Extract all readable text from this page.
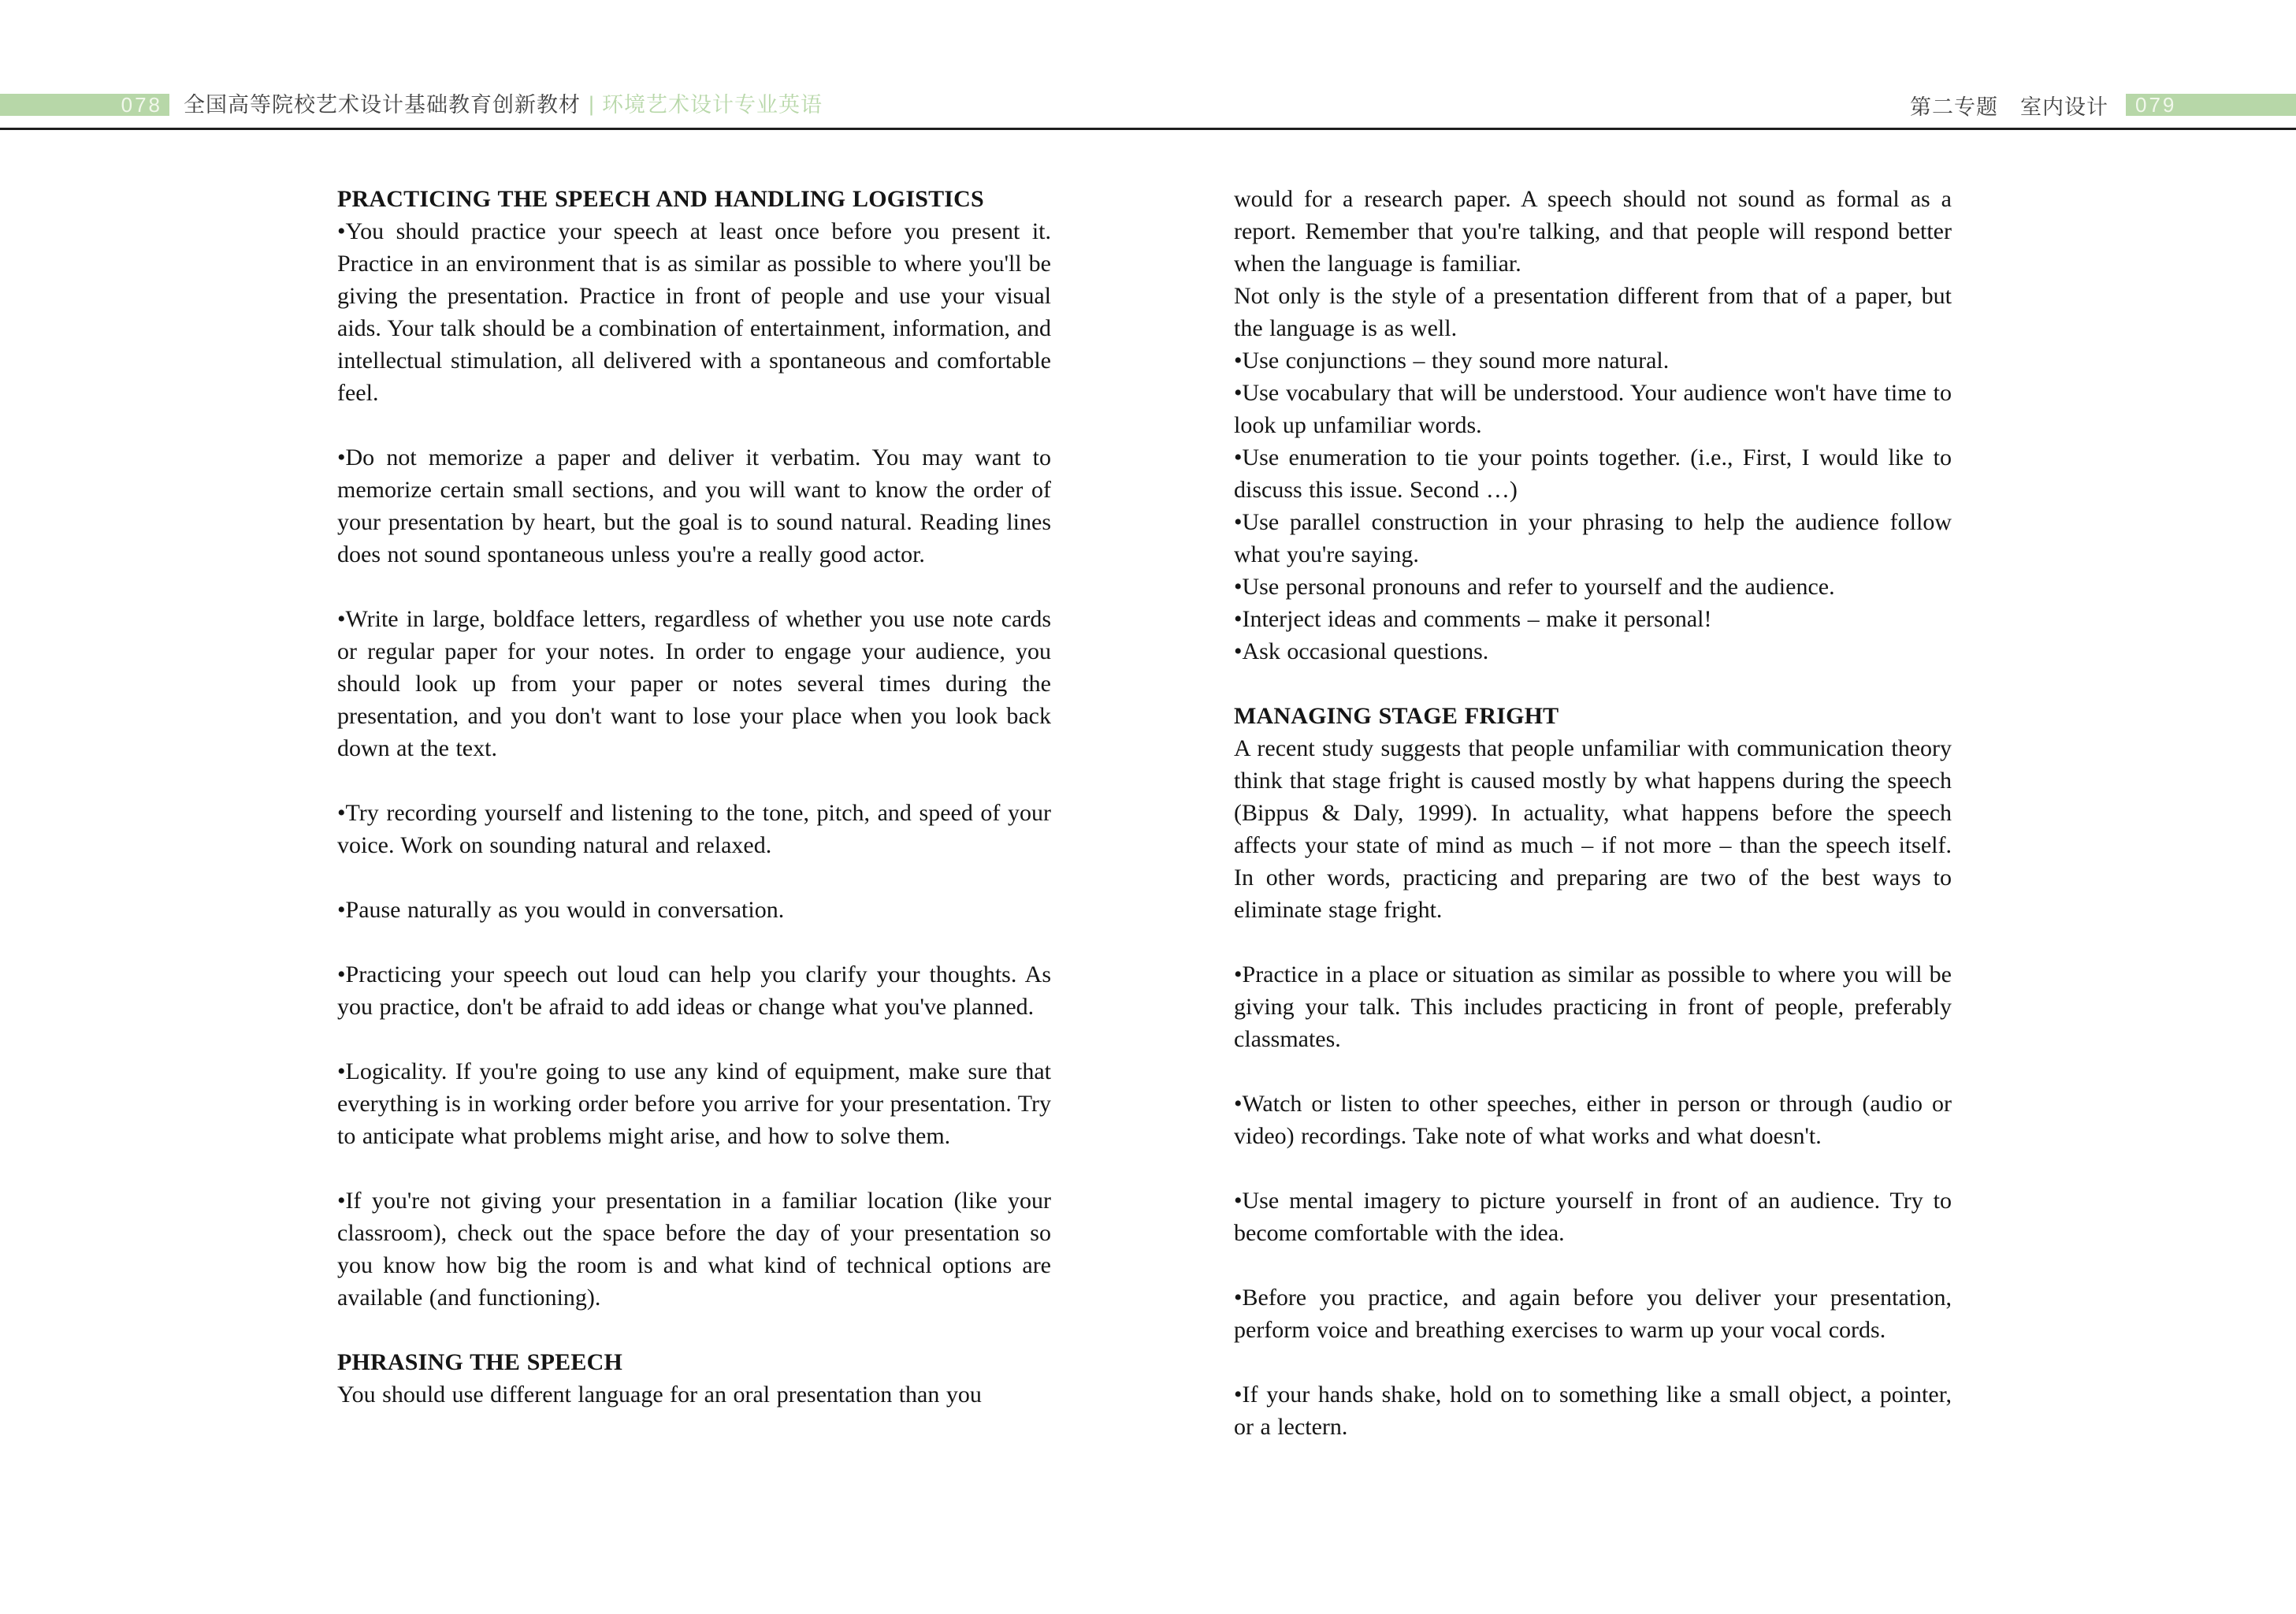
078 全国高等院校艺术设计基础教育创新教材 | 环境艺术设计专业英语	第二专题　室内设计 079
PRACTICING THE SPEECH AND HANDLING LOGISTICS
•You should practice your speech at least once before you present it. Practice in an environment that is as similar as possible to where you'll be giving the presentation. Practice in front of people and use your visual aids. Your talk should be a combination of entertainment, information, and intellectual stimulation, all delivered with a spontaneous and comfortable feel.
•Do not memorize a paper and deliver it verbatim. You may want to memorize certain small sections, and you will want to know the order of your presentation by heart, but the goal is to sound natural. Reading lines does not sound spontaneous unless you're a really good actor.
•Write in large, boldface letters, regardless of whether you use note cards or regular paper for your notes. In order to engage your audience, you should look up from your paper or notes several times during the presentation, and you don't want to lose your place when you look back down at the text.
•Try recording yourself and listening to the tone, pitch, and speed of your voice. Work on sounding natural and relaxed.
•Pause naturally as you would in conversation.
•Practicing your speech out loud can help you clarify your thoughts. As you practice, don't be afraid to add ideas or change what you've planned.
•Logicality. If you're going to use any kind of equipment, make sure that everything is in working order before you arrive for your presentation. Try to anticipate what problems might arise, and how to solve them.
•If you're not giving your presentation in a familiar location (like your classroom), check out the space before the day of your presentation so you know how big the room is and what kind of technical options are available (and functioning).
PHRASING THE SPEECH
You should use different language for an oral presentation than you
would for a research paper. A speech should not sound as formal as a report. Remember that you're talking, and that people will respond better when the language is familiar.
Not only is the style of a presentation different from that of a paper, but the language is as well.
•Use conjunctions – they sound more natural.
•Use vocabulary that will be understood. Your audience won't have time to look up unfamiliar words.
•Use enumeration to tie your points together. (i.e., First, I would like to discuss this issue. Second …)
•Use parallel construction in your phrasing to help the audience follow what you're saying.
•Use personal pronouns and refer to yourself and the audience.
•Interject ideas and comments – make it personal!
•Ask occasional questions.
MANAGING STAGE FRIGHT
A recent study suggests that people unfamiliar with communication theory think that stage fright is caused mostly by what happens during the speech (Bippus & Daly, 1999). In actuality, what happens before the speech affects your state of mind as much – if not more – than the speech itself. In other words, practicing and preparing are two of the best ways to eliminate stage fright.
•Practice in a place or situation as similar as possible to where you will be giving your talk. This includes practicing in front of people, preferably classmates.
•Watch or listen to other speeches, either in person or through (audio or video) recordings. Take note of what works and what doesn't.
•Use mental imagery to picture yourself in front of an audience. Try to become comfortable with the idea.
•Before you practice, and again before you deliver your presentation, perform voice and breathing exercises to warm up your vocal cords.
•If your hands shake, hold on to something like a small object, a pointer, or a lectern.
